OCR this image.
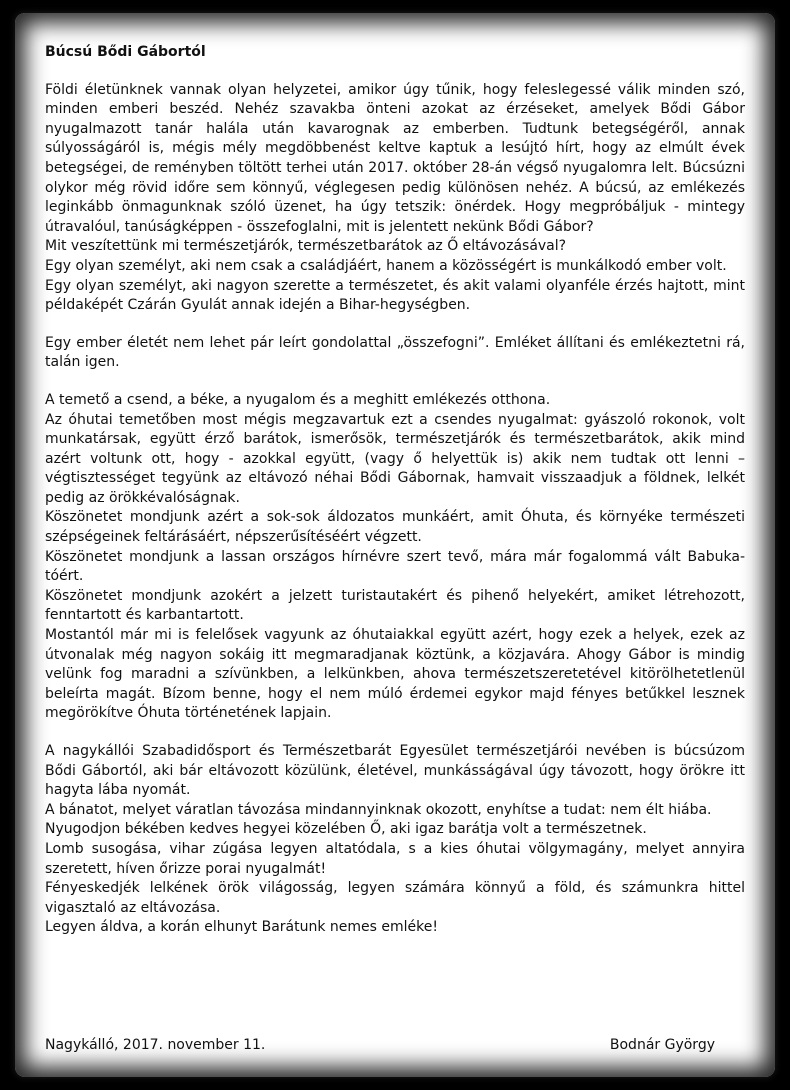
Búcsú Bődi Gábortól

Földi életünknek vannak olyan helyzetei, amikor úgy tűnik, hogy feleslegessé válik minden szó, minden emberi beszéd. Nehéz szavakba önteni azokat az érzéseket, amelyek Bődi Gábor nyugalmazott tanár halála után kavarognak az emberben. Tudtunk betegségéről, annak súlyosságáról is, mégis mély megdöbbenést keltve kaptuk a lesújtó hírt, hogy az elmúlt évek betegségei, de reményben töltött terhei után 2017. október 28-án végső nyugalomra lelt. Búcsúzni olykor még rövid időre sem könnyű, véglegesen pedig különösen nehéz. A búcsú, az emlékezés leginkább önmagunknak szóló üzenet, ha úgy tetszik: önérdek. Hogy megpróbáljuk - mintegy útravalóul, tanúságképpen - összefoglalni, mit is jelentett nekünk Bődi Gábor?

Mit veszítettünk mi természetjárók, természetbarátok az Ő eltávozásával?

Egy olyan személyt, aki nem csak a családjáért, hanem a közösségért is munkálkodó ember volt.

Egy olyan személyt, aki nagyon szerette a természetet, és akit valami olyanféle érzés hajtott, mint példaképét Czárán Gyulát annak idején a Bihar-hegységben.

Egy ember életét nem lehet pár leírt gondolattal „összefogni”. Emléket állítani és emlékeztetni rá, talán igen.

A temető a csend, a béke, a nyugalom és a meghitt emlékezés otthona.

Az óhutai temetőben most mégis megzavartuk ezt a csendes nyugalmat: gyászoló rokonok, volt munkatársak, együtt érző barátok, ismerősök, természetjárók és természetbarátok, akik mind azért voltunk ott, hogy - azokkal együtt, (vagy ő helyettük is) akik nem tudtak ott lenni – végtisztességet tegyünk az eltávozó néhai Bődi Gábornak, hamvait visszaadjuk a földnek, lelkét pedig az örökkévalóságnak.

Köszönetet mondjunk azért a sok-sok áldozatos munkáért, amit Óhuta, és környéke természeti szépségeinek feltárásáért, népszerűsítéséért végzett.

Köszönetet mondjunk a lassan országos hírnévre szert tevő, mára már fogalommá vált Babuka-tóért.

Köszönetet mondjunk azokért a jelzett turistautakért és pihenő helyekért, amiket létrehozott, fenntartott és karbantartott.

Mostantól már mi is felelősek vagyunk az óhutaiakkal együtt azért, hogy ezek a helyek, ezek az útvonalak még nagyon sokáig itt megmaradjanak köztünk, a közjavára. Ahogy Gábor is mindig velünk fog maradni a szívünkben, a lelkünkben, ahova természetszeretetével kitörölhetetlenül beleírta magát. Bízom benne, hogy el nem múló érdemei egykor majd fényes betűkkel lesznek megörökítve Óhuta történetének lapjain.

A nagykállói Szabadidősport és Természetbarát Egyesület természetjárói nevében is búcsúzom Bődi Gábortól, aki bár eltávozott közülünk, életével, munkásságával úgy távozott, hogy örökre itt hagyta lába nyomát.

A bánatot, melyet váratlan távozása mindannyinknak okozott, enyhítse a tudat: nem élt hiába.

Nyugodjon békében kedves hegyei közelében Ő, aki igaz barátja volt a természetnek.

Lomb susogása, vihar zúgása legyen altatódala, s a kies óhutai völgymagány, melyet annyira szeretett, híven őrizze porai nyugalmát!

Fényeskedjék lelkének örök világosság, legyen számára könnyű a föld, és számunkra hittel vigasztaló az eltávozása.

Legyen áldva, a korán elhunyt Barátunk nemes emléke!

Nagykálló, 2017. november 11.	Bodnár György
